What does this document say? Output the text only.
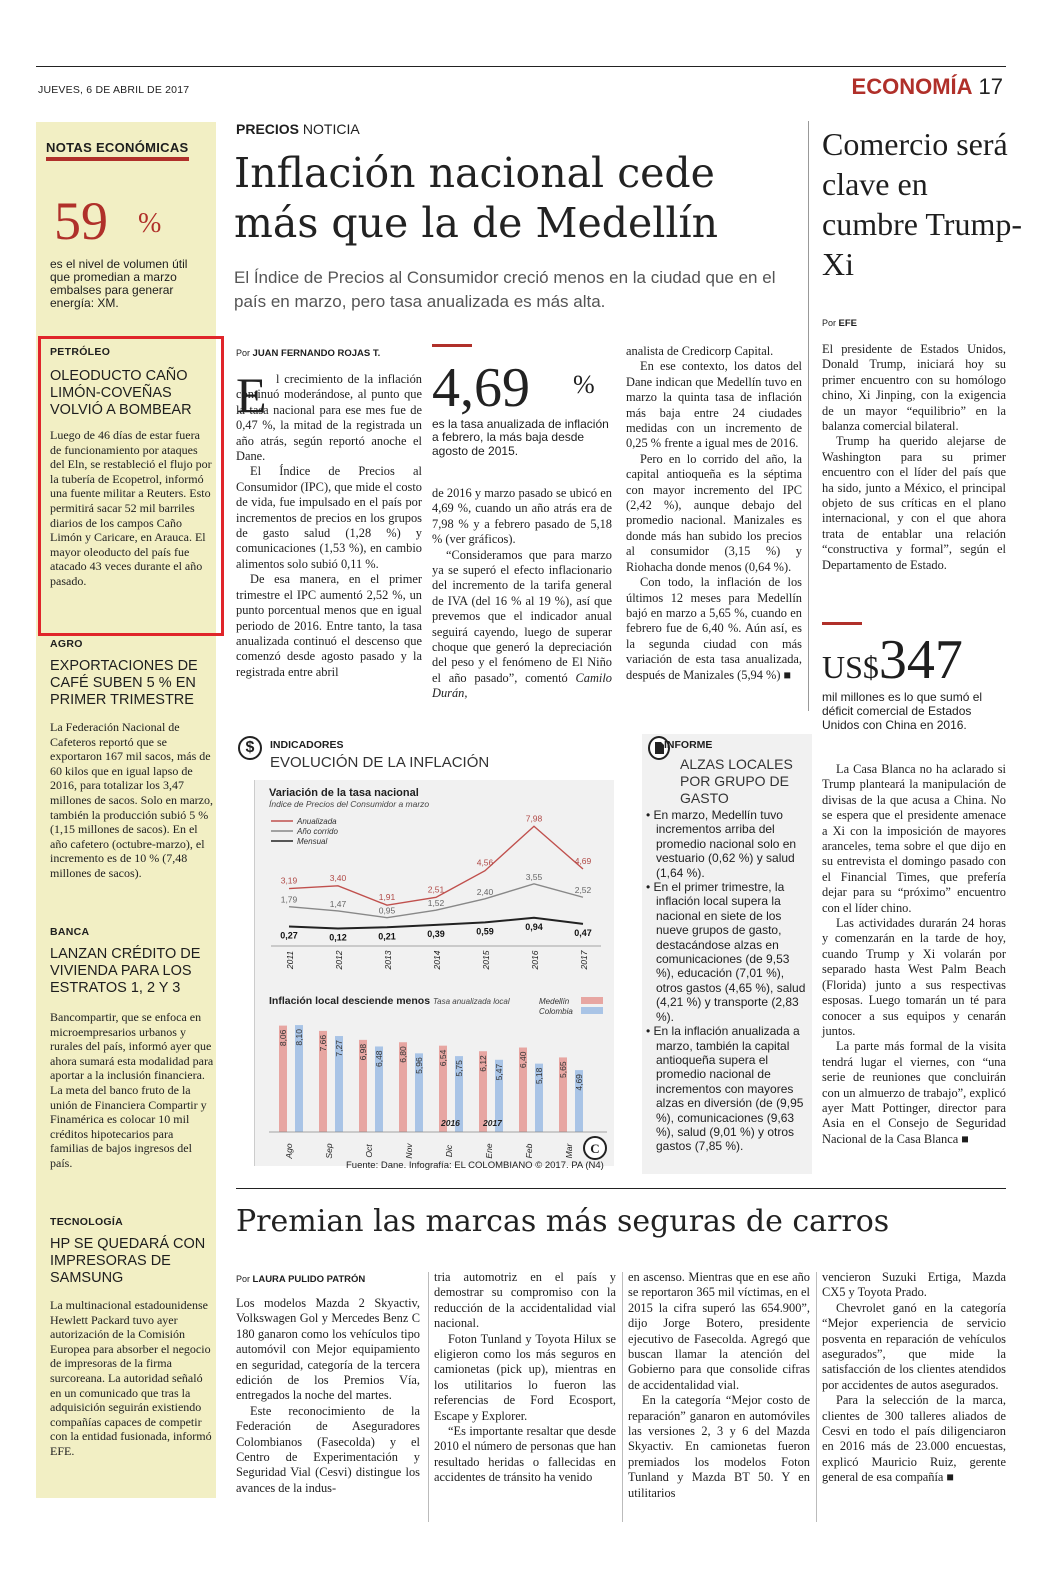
JUEVES, 6 DE ABRIL DE 2017	ECONOMÍA 17
NOTAS ECONÓMICAS
59 %
es el nivel de volumen útil que promedian a marzo embalses para generar energía: XM.
PETRÓLEO
OLEODUCTO CAÑO LIMÓN-COVEÑAS VOLVIÓ A BOMBEAR
Luego de 46 días de estar fuera de funcionamiento por ataques del Eln, se restableció el flujo por la tubería de Ecopetrol, informó una fuente militar a Reuters. Esto permitirá sacar 52 mil barriles diarios de los campos Caño Limón y Caricare, en Arauca. El mayor oleoducto del país fue atacado 43 veces durante el año pasado.
AGRO
EXPORTACIONES DE CAFÉ SUBEN 5 % EN PRIMER TRIMESTRE
La Federación Nacional de Cafeteros reportó que se exportaron 167 mil sacos, más de 60 kilos que en igual lapso de 2016, para totalizar los 3,47 millones de sacos. Solo en marzo, también la producción subió 5 % (1,15 millones de sacos). En el año cafetero (octubre-marzo), el incremento es de 10 % (7,48 millones de sacos).
BANCA
LANZAN CRÉDITO DE VIVIENDA PARA LOS ESTRATOS 1, 2 Y 3
Bancompartir, que se enfoca en microempresarios urbanos y rurales del país, informó ayer que ahora sumará esta modalidad para aportar a la inclusión financiera. La meta del banco fruto de la unión de Financiera Compartir y Finamérica es colocar 10 mil créditos hipotecarios para familias de bajos ingresos del país.
TECNOLOGÍA
HP SE QUEDARÁ CON IMPRESORAS DE SAMSUNG
La multinacional estadounidense Hewlett Packard tuvo ayer autorización de la Comisión Europea para absorber el negocio de impresoras de la firma surcoreana. La autoridad señaló en un comunicado que tras la adquisición seguirán existiendo compañías capaces de competir con la entidad fusionada, informó EFE.
PRECIOS NOTICIA
Inflación nacional cede más que la de Medellín
El Índice de Precios al Consumidor creció menos en la ciudad que en el país en marzo, pero tasa anualizada es más alta.
Por JUAN FERNANDO ROJAS T.
E l crecimiento de la inflación continuó moderándose, al punto que la tasa nacional para ese mes fue de 0,47 %, la mitad de la registrada un año atrás, según reportó anoche el Dane.

El Índice de Precios al Consumidor (IPC), que mide el costo de vida, fue impulsado en el país por incrementos de precios en los grupos de gasto salud (1,28 %) y comunicaciones (1,53 %), en cambio alimentos solo subió 0,11 %.

De esa manera, en el primer trimestre el IPC aumentó 2,52 %, un punto porcentual menos que en igual periodo de 2016. Entre tanto, la tasa anualizada continuó el descenso que comenzó desde agosto pasado y la registrada entre abril

4,69 %
es la tasa anualizada de inflación a febrero, la más baja desde agosto de 2015.

de 2016 y marzo pasado se ubicó en 4,69 %, cuando un año atrás era de 7,98 % y a febrero pasado de 5,18 % (ver gráficos).

“Consideramos que para marzo ya se superó el efecto inflacionario del incremento de la tarifa general de IVA (del 16 % al 19 %), así que prevemos que el indicador anual seguirá cayendo, luego de superar choque que generó la depreciación del peso y el fenómeno de El Niño el año pasado”, comentó Camilo Durán,

analista de Credicorp Capital.

En ese contexto, los datos del Dane indican que Medellín tuvo en marzo la quinta tasa de inflación más baja entre 24 ciudades medidas con un incremento de 0,25 % frente a igual mes de 2016.

Pero en lo corrido del año, la capital antioqueña es la séptima con mayor incremento del IPC (2,42 %), aunque debajo del promedio nacional. Manizales es donde más han subido los precios al consumidor (3,15 %) y Riohacha donde menos (0,64 %).

Con todo, la inflación de los últimos 12 meses para Medellín bajó en marzo a 5,65 %, cuando en febrero fue de 6,40 %. Aún así, es la segunda ciudad con más variación de esta tasa anualizada, después de Manizales (5,94 %) ■

Comercio será clave en cumbre Trump-Xi
Por EFE

El presidente de Estados Unidos, Donald Trump, iniciará hoy su primer encuentro con su homólogo chino, Xi Jinping, con la exigencia de un mayor “equilibrio” en la balanza comercial bilateral.

Trump ha querido alejarse de Washington para su primer encuentro con el líder del país que ha sido, junto a México, el principal objeto de sus críticas en el plano internacional, y con el que ahora trata de entablar una relación “constructiva y formal”, según el Departamento de Estado.

US$347
mil millones es lo que sumó el déficit comercial de Estados Unidos con China en 2016.

La Casa Blanca no ha aclarado si Trump planteará la manipulación de divisas de la que acusa a China. No se espera que el presidente amenace a Xi con la imposición de mayores aranceles, tema sobre el que dijo en su entrevista el domingo pasado con el Financial Times, que prefería dejar para su “próximo” encuentro con el líder chino.

Las actividades durarán 24 horas y comenzarán en la tarde de hoy, cuando Trump y Xi volarán por separado hasta West Palm Beach (Florida) junto a sus respectivas esposas. Luego tomarán un té para conocer a sus equipos y cenarán juntos.

La parte más formal de la visita tendrá lugar el viernes, con “una serie de reuniones que concluirán con un almuerzo de trabajo”, explicó ayer Matt Pottinger, director para Asia en el Consejo de Seguridad Nacional de la Casa Blanca ■

$	INDICADORES
EVOLUCIÓN DE LA INFLACIÓN
Variación de la tasa nacional
Índice de Precios del Consumidor a marzo
Anualizada
Año corrido
Mensual
3,19	3,40
1,91
2,51
4,56
7,98
4,69
1,79	1,47
0,95
1,52
2,40
3,55
2,52
0,27	0,12	0,21	0,39	0,59	0,94
0,47
2011	2012	2013	2014	2015	2016	2017
Inflación local desciende menos Tasa anualizada local	Medellín
Colombia
8,06 8,10
Ago
7,66 7,27
Sep
6,98 6,48
Oct
6,80
5,96
Nov
6,54
5,75
Dic
6,12
5,47
Ene
6,40
5,18
Feb
5,65
4,69
Mar
2016	2017
C
Fuente: Dane. Infografía: EL COLOMBIANO © 2017. PA (N4)
INFORME
ALZAS LOCALES POR GRUPO DE GASTO
• En marzo, Medellín tuvo incrementos arriba del promedio nacional solo en vestuario (0,62 %) y salud (1,64 %).
• En el primer trimestre, la inflación local supera la nacional en siete de los nueve grupos de gasto, destacándose alzas en comunicaciones (de 9,53 %), educación (7,01 %), otros gastos (4,65 %), salud (4,21 %) y transporte (2,83 %).
• En la inflación anualizada a marzo, también la capital antioqueña supera el promedio nacional de incrementos con mayores alzas en diversión (de (9,95 %), comunicaciones (9,63 %), salud (9,01 %) y otros gastos (7,85 %).
Premian las marcas más seguras de carros
Por LAURA PULIDO PATRÓN

Los modelos Mazda 2 Skyactiv, Volkswagen Gol y Mercedes Benz C 180 ganaron como los vehículos tipo automóvil con Mejor equipamiento en seguridad, categoría de la tercera edición de los Premios Vía, entregados la noche del martes.

Este reconocimiento de la Federación de Aseguradores Colombianos (Fasecolda) y el Centro de Experimentación y Seguridad Vial (Cesvi) distingue los avances de la indus-

tria automotriz en el país y demostrar su compromiso con la reducción de la accidentalidad vial nacional.

Foton Tunland y Toyota Hilux se eligieron como los más seguros en camionetas (pick up), mientras en los utilitarios lo fueron las referencias de Ford Ecosport, Escape y Explorer.

“Es importante resaltar que desde 2010 el número de personas que han resultado heridas o fallecidas en accidentes de tránsito ha venido

en ascenso. Mientras que en ese año se reportaron 365 mil víctimas, en el 2015 la cifra superó las 654.900”, dijo Jorge Botero, presidente ejecutivo de Fasecolda. Agregó que buscan llamar la atención del Gobierno para que consolide cifras de accidentalidad vial.

En la categoría “Mejor costo de reparación” ganaron en automóviles las versiones 2, 3 y 6 del Mazda Skyactiv. En camionetas fueron premiados los modelos Foton Tunland y Mazda BT 50. Y en utilitarios

vencieron Suzuki Ertiga, Mazda CX5 y Toyota Prado.

Chevrolet ganó en la categoría “Mejor experiencia de servicio posventa en reparación de vehículos asegurados”, que mide la satisfacción de los clientes atendidos por accidentes de autos asegurados.

Para la selección de la marca, clientes de 300 talleres aliados de Cesvi en todo el país diligenciaron en 2016 más de 23.000 encuestas, explicó Mauricio Ruiz, gerente general de esa compañía ■
